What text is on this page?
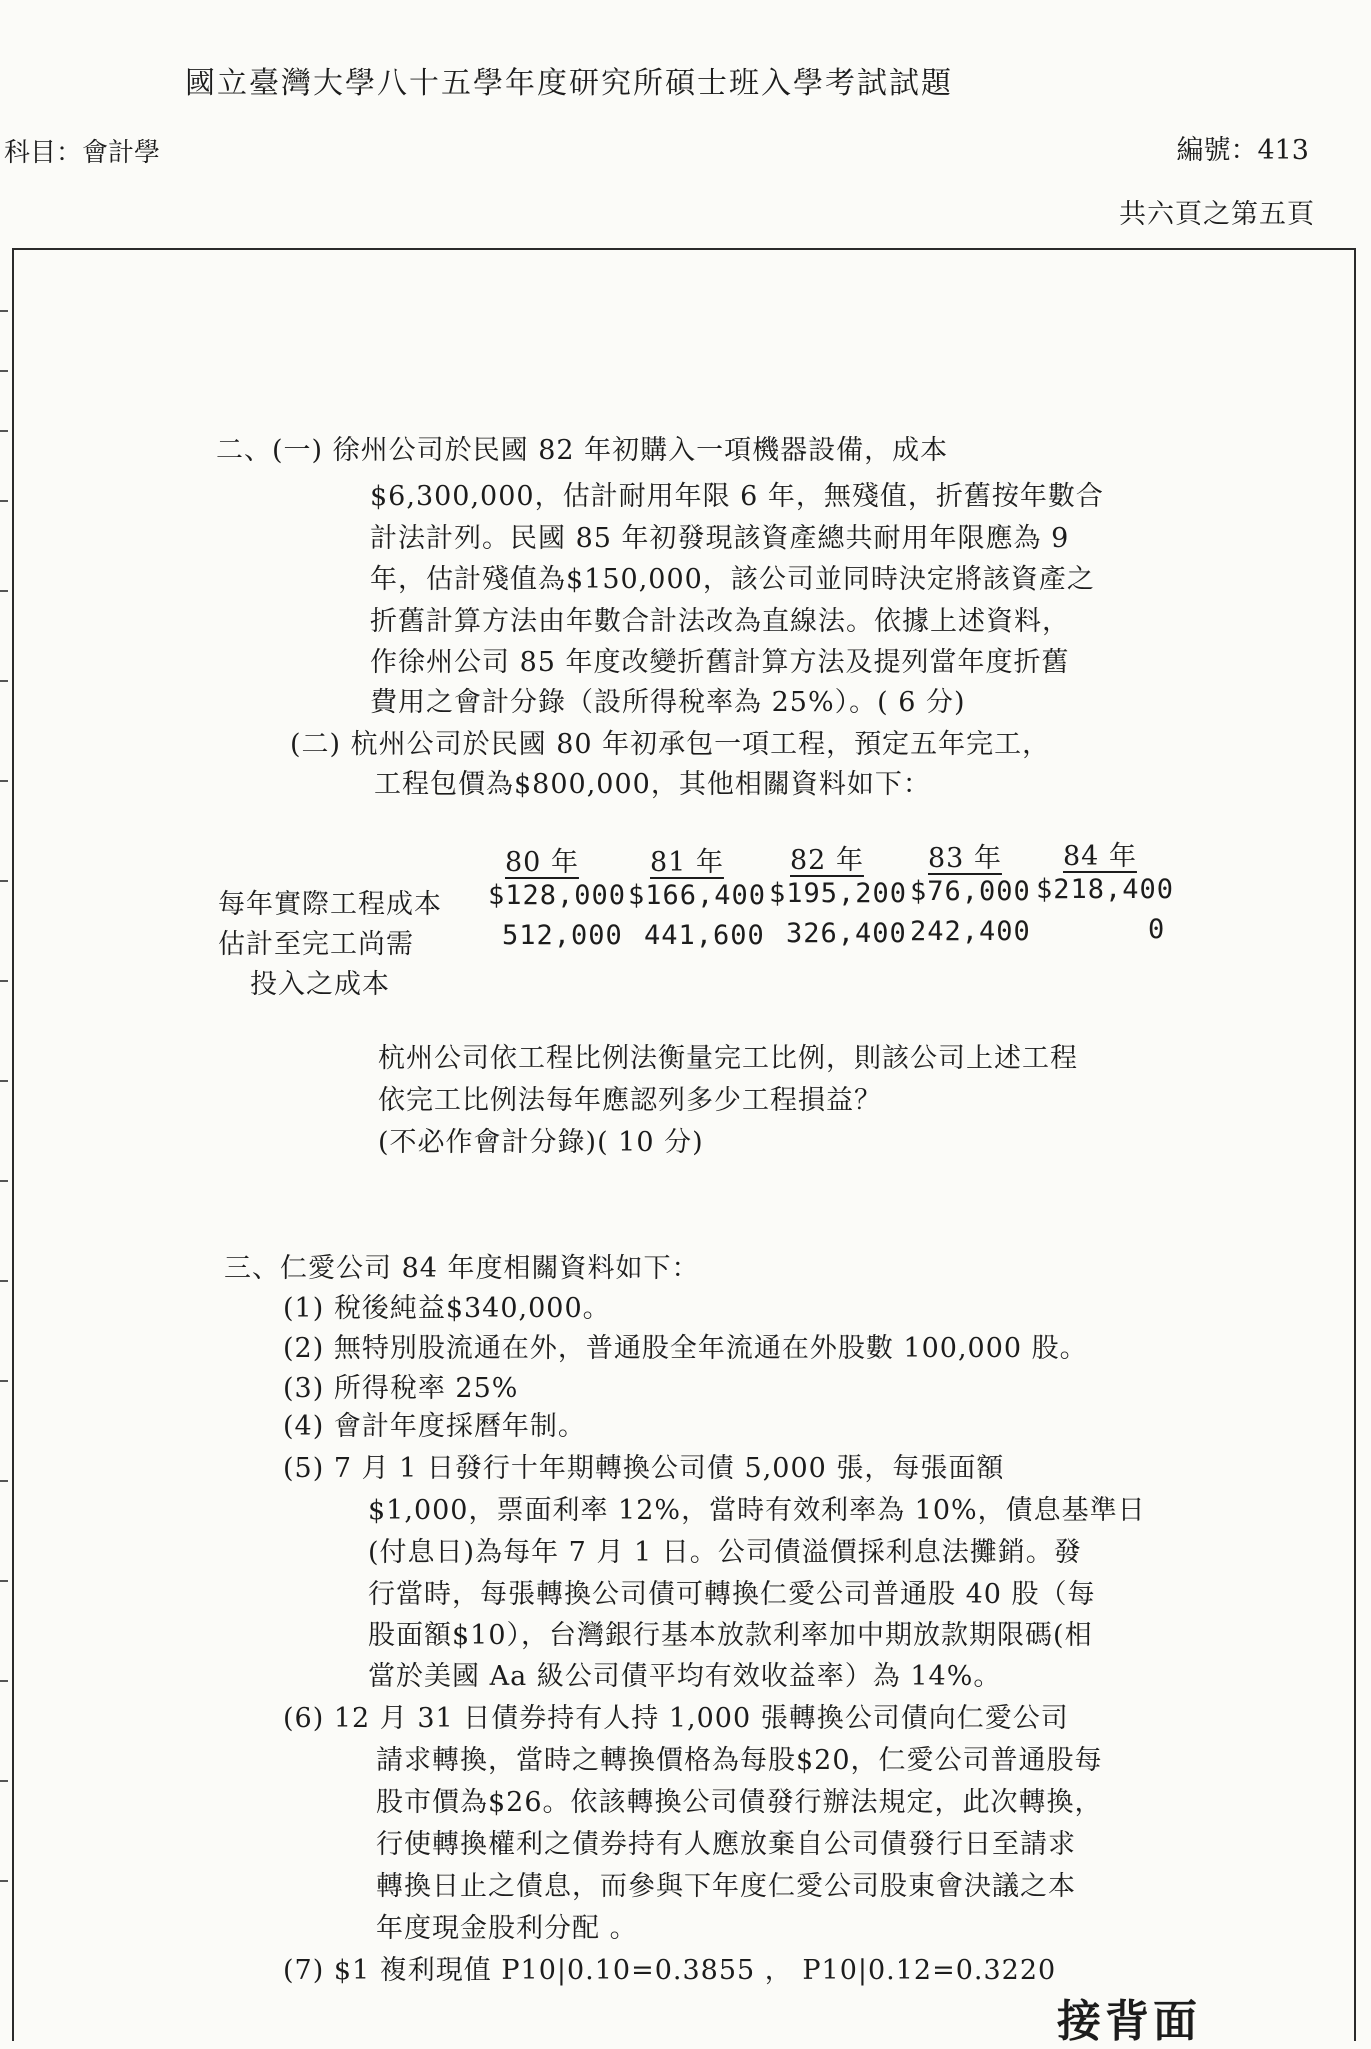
國立臺灣大學八十五學年度研究所碩士班入學考試試題
科目：會計學	編號：413
共六頁之第五頁
二、(一) 徐州公司於民國 82 年初購入一項機器設備，成本
$6,300,000，估計耐用年限 6 年，無殘值，折舊按年數合
計法計列。民國 85 年初發現該資產總共耐用年限應為 9
年，估計殘值為$150,000，該公司並同時決定將該資產之
折舊計算方法由年數合計法改為直線法。依據上述資料，
作徐州公司 85 年度改變折舊計算方法及提列當年度折舊
費用之會計分錄（設所得稅率為 25%）。( 6 分)
(二) 杭州公司於民國 80 年初承包一項工程，預定五年完工，
工程包價為$800,000，其他相關資料如下：
80 年	81 年 82 年 83 年 84 年
每年實際工程成本 $128,000 $166,400 $195,200 $76,000 $218,400
估計至完工尚需	512,000 441,600 326,400 242,400	0
投入之成本
杭州公司依工程比例法衡量完工比例，則該公司上述工程
依完工比例法每年應認列多少工程損益？
(不必作會計分錄)( 10 分)
三、仁愛公司 84 年度相關資料如下：
(1) 稅後純益$340,000。
(2) 無特別股流通在外，普通股全年流通在外股數 100,000 股。
(3) 所得稅率 25%
(4) 會計年度採曆年制。
(5) 7 月 1 日發行十年期轉換公司債 5,000 張，每張面額
$1,000，票面利率 12%，當時有效利率為 10%，債息基準日
(付息日)為每年 7 月 1 日。公司債溢價採利息法攤銷。發
行當時，每張轉換公司債可轉換仁愛公司普通股 40 股（每
股面額$10），台灣銀行基本放款利率加中期放款期限碼(相
當於美國 Aa 級公司債平均有效收益率）為 14%。
(6) 12 月 31 日債券持有人持 1,000 張轉換公司債向仁愛公司
請求轉換，當時之轉換價格為每股$20，仁愛公司普通股每
股市價為$26。依該轉換公司債發行辦法規定，此次轉換，
行使轉換權利之債券持有人應放棄自公司債發行日至請求
轉換日止之債息，而參與下年度仁愛公司股東會決議之本
年度現金股利分配 。
(7) $1 複利現值 P10|0.10=0.3855 ， P10|0.12=0.3220
接背面
